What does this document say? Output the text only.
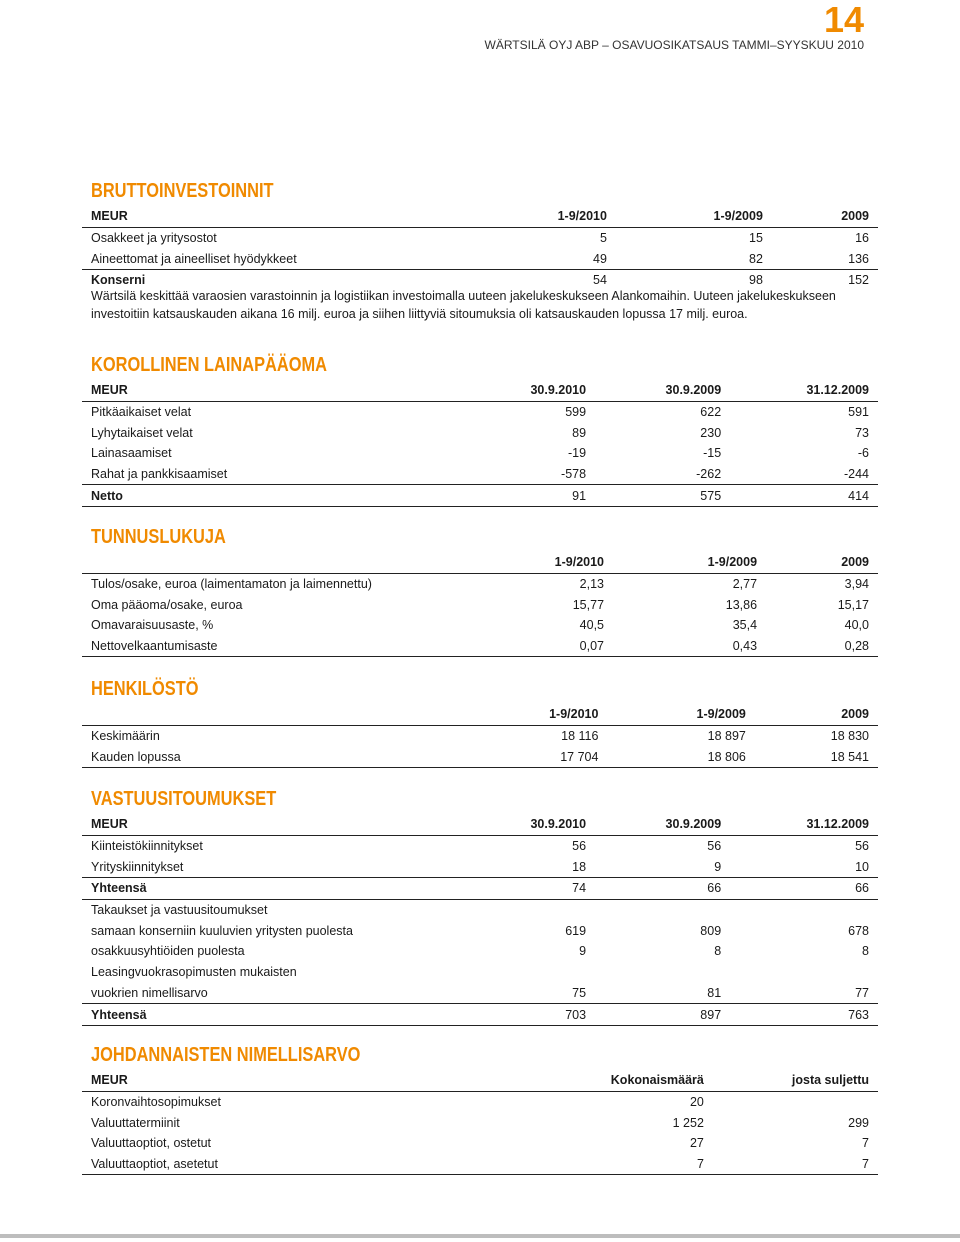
14
WÄRTSILÄ OYJ ABP – OSAVUOSIKATSAUS TAMMI–SYYSKUU 2010
BRUTTOINVESTOINNIT
MEUR	1-9/2010	1-9/2009	2009
Osakkeet ja yritysostot	5	15	16
Aineettomat ja aineelliset hyödykkeet	49	82	136
Konserni	54	98	152
Wärtsilä keskittää varaosien varastoinnin ja logistiikan investoimalla uuteen jakelukeskukseen Alankomaihin. Uuteen jakelukeskukseen investoitiin katsauskauden aikana 16 milj. euroa ja siihen liittyviä sitoumuksia oli katsauskauden lopussa 17 milj. euroa.
KOROLLINEN LAINAPÄÄOMA
MEUR	30.9.2010	30.9.2009	31.12.2009
Pitkäaikaiset velat	599	622	591
Lyhytaikaiset velat	89	230	73
Lainasaamiset	-19	-15	-6
Rahat ja pankkisaamiset	-578	-262	-244
Netto	91	575	414
TUNNUSLUKUJA
	1-9/2010	1-9/2009	2009

Tulos/osake, euroa (laimentamaton ja laimennettu)	2,13	2,77	3,94
Oma pääoma/osake, euroa	15,77	13,86	15,17
Omavaraisuusaste, %	40,5	35,4	40,0
Nettovelkaantumisaste	0,07	0,43	0,28
HENKILÖSTÖ
	1-9/2010	1-9/2009	2009
Keskimäärin	18 116	18 897	18 830
Kauden lopussa	17 704	18 806	18 541
VASTUUSITOUMUKSET
MEUR	30.9.2010	30.9.2009	31.12.2009
Kiinteistökiinnitykset	56	56	56
Yrityskiinnitykset	18	9	10
Yhteensä	74	66	66
Takaukset ja vastuusitoumukset			
samaan konserniin kuuluvien yritysten puolesta	619	809	678
osakkuusyhtiöiden puolesta	9	8	8
Leasingvuokrasopimusten mukaisten			
vuokrien nimellisarvo	75	81	77
Yhteensä	703	897	763
JOHDANNAISTEN NIMELLISARVO
MEUR	Kokonaismäärä	josta suljettu
Koronvaihtosopimukset	20	
Valuuttatermiinit	1 252	299
Valuuttaoptiot, ostetut	27	7
Valuuttaoptiot, asetetut	7	7
